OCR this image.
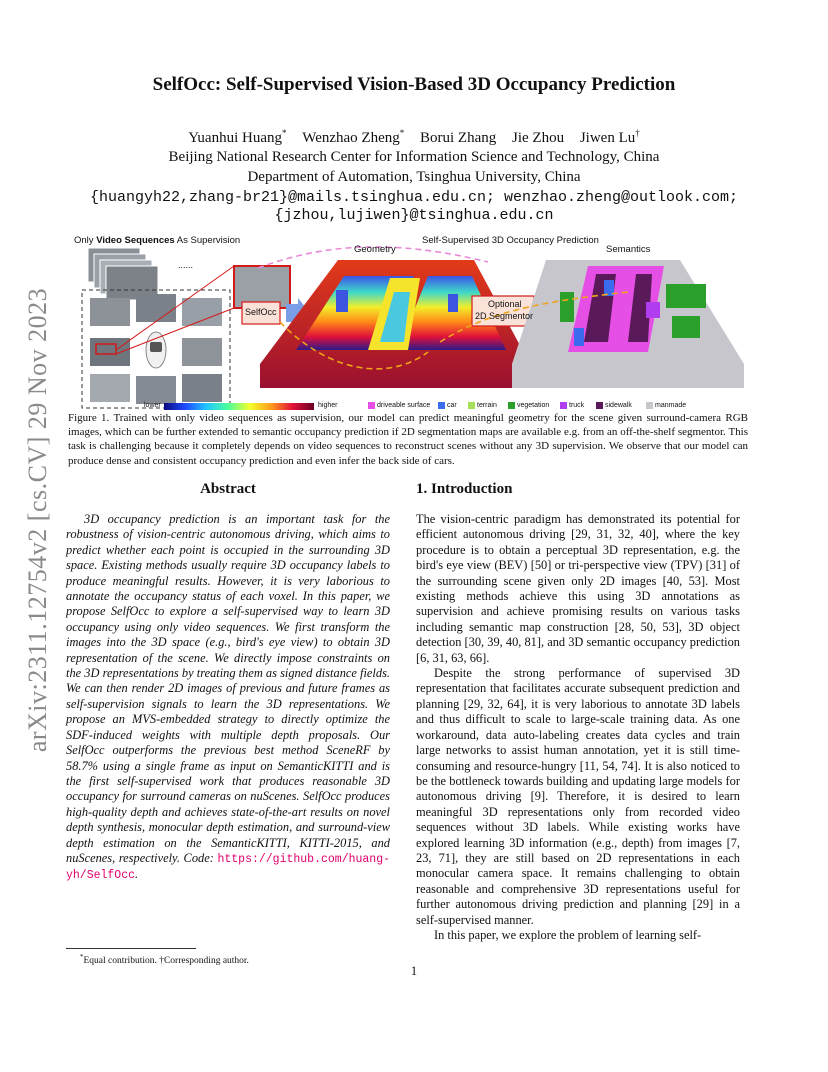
arXiv:2311.12754v2 [cs.CV] 29 Nov 2023
SelfOcc: Self-Supervised Vision-Based 3D Occupancy Prediction
Yuanhui Huang* Wenzhao Zheng* Borui Zhang Jie Zhou Jiwen Lu†
Beijing National Research Center for Information Science and Technology, China
Department of Automation, Tsinghua University, China
{huangyh22,zhang-br21}@mails.tsinghua.edu.cn; wenzhao.zheng@outlook.com;
{jzhou,lujiwen}@tsinghua.edu.cn
Only Video Sequences As Supervision
......
Self-Supervised 3D Occupancy Prediction
Geometry	Semantics
SelfOcc
Optional
2D Segmentor
lower	higher	driveable surface car	terrain	vegetation	truck	sidewalk	manmade
Figure 1. Trained with only video sequences as supervision, our model can predict meaningful geometry for the scene given surround-camera RGB images, which can be further extended to semantic occupancy prediction if 2D segmentation maps are available e.g. from an off-the-shelf segmentor. This task is challenging because it completely depends on video sequences to reconstruct scenes without any 3D supervision. We observe that our model can produce dense and consistent occupancy prediction and even infer the back side of cars.
Abstract

3D occupancy prediction is an important task for the robustness of vision-centric autonomous driving, which aims to predict whether each point is occupied in the surrounding 3D space. Existing methods usually require 3D occupancy labels to produce meaningful results. However, it is very laborious to annotate the occupancy status of each voxel. In this paper, we propose SelfOcc to explore a self-supervised way to learn 3D occupancy using only video sequences. We first transform the images into the 3D space (e.g., bird's eye view) to obtain 3D representation of the scene. We directly impose constraints on the 3D representations by treating them as signed distance fields. We can then render 2D images of previous and future frames as self-supervision signals to learn the 3D representations. We propose an MVS-embedded strategy to directly optimize the SDF-induced weights with multiple depth proposals. Our SelfOcc outperforms the previous best method SceneRF by 58.7% using a single frame as input on SemanticKITTI and is the first self-supervised work that produces reasonable 3D occupancy for surround cameras on nuScenes. SelfOcc produces high-quality depth and achieves state-of-the-art results on novel depth synthesis, monocular depth estimation, and surround-view depth estimation on the SemanticKITTI, KITTI-2015, and nuScenes, respectively. Code: https://github.com/huang-yh/SelfOcc.

1. Introduction

The vision-centric paradigm has demonstrated its potential for efficient autonomous driving [29, 31, 32, 40], where the key procedure is to obtain a perceptual 3D representation, e.g. the bird's eye view (BEV) [50] or tri-perspective view (TPV) [31] of the surrounding scene given only 2D images [40, 53]. Most existing methods achieve this using 3D annotations as supervision and achieve promising results on various tasks including semantic map construction [28, 50, 53], 3D object detection [30, 39, 40, 81], and 3D semantic occupancy prediction [6, 31, 63, 66].

Despite the strong performance of supervised 3D representation that facilitates accurate subsequent prediction and planning [29, 32, 64], it is very laborious to annotate 3D labels and thus difficult to scale to large-scale training data. As one workaround, data auto-labeling creates data cycles and train large networks to assist human annotation, yet it is still time-consuming and resource-hungry [11, 54, 74]. It is also noticed to be the bottleneck towards building and updating large models for autonomous driving [9]. Therefore, it is desired to learn meaningful 3D representations only from recorded video sequences without 3D labels. While existing works have explored learning 3D information (e.g., depth) from images [7, 23, 71], they are still based on 2D representations in each monocular camera space. It remains challenging to obtain reasonable and comprehensive 3D representations useful for further autonomous driving prediction and planning [29] in a self-supervised manner.

In this paper, we explore the problem of learning self-

*Equal contribution. †Corresponding author.
1
